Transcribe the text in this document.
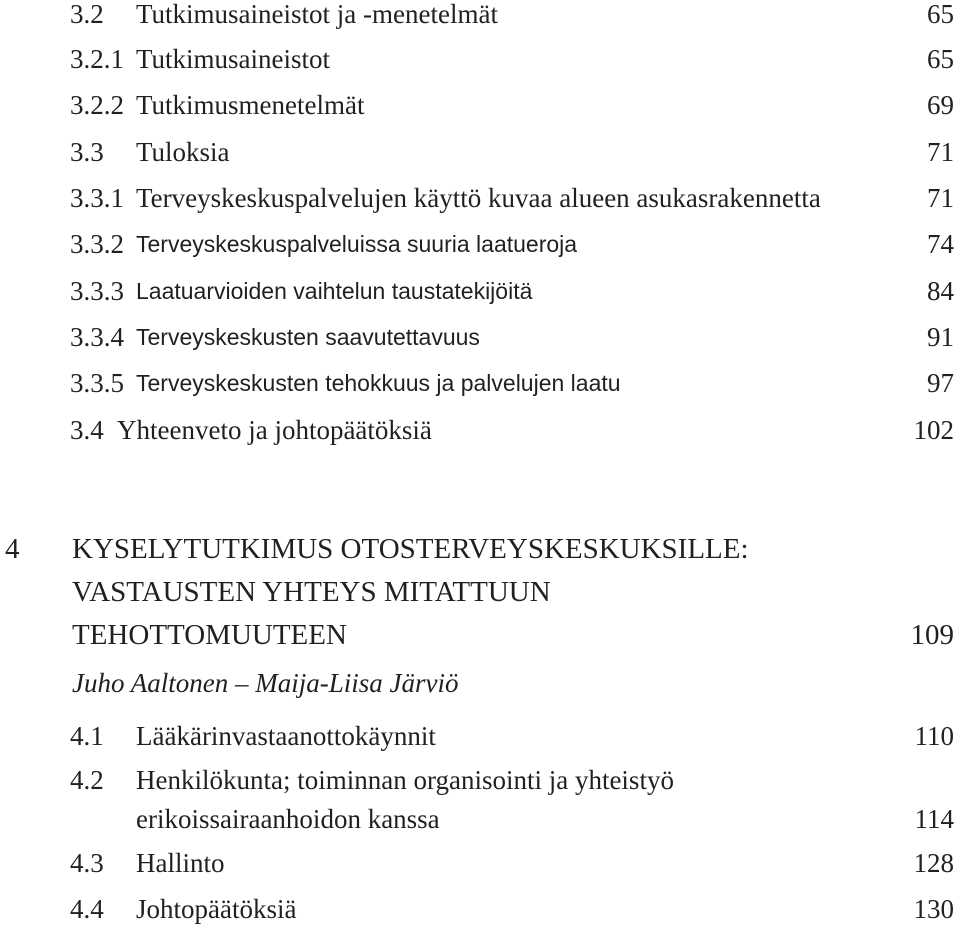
3.2 Tutkimusaineistot ja -menetelmät	65
3.2.1 Tutkimusaineistot	65
3.2.2 Tutkimusmenetelmät	69
3.3 Tuloksia	71
3.3.1 Terveyskeskuspalvelujen käyttö kuvaa alueen asukasrakennetta	71
3.3.2 Terveyskeskuspalveluissa suuria laatueroja	74
3.3.3 Laatuarvioiden vaihtelun taustatekijöitä	84
3.3.4 Terveyskeskusten saavutettavuus	91
3.3.5 Terveyskeskusten tehokkuus ja palvelujen laatu	97
3.4 Yhteenveto ja johtopäätöksiä	102
4 KYSELYTUTKIMUS OTOSTERVEYSKESKUKSILLE:
VASTAUSTEN YHTEYS MITATTUUN
TEHOTTOMUUTEEN	109
Juho Aaltonen – Maija-Liisa Järviö
4.1 Lääkärinvastaanottokäynnit	110
4.2 Henkilökunta; toiminnan organisointi ja yhteistyö
erikoissairaanhoidon kanssa	114
4.3 Hallinto	128
4.4 Johtopäätöksiä	130
